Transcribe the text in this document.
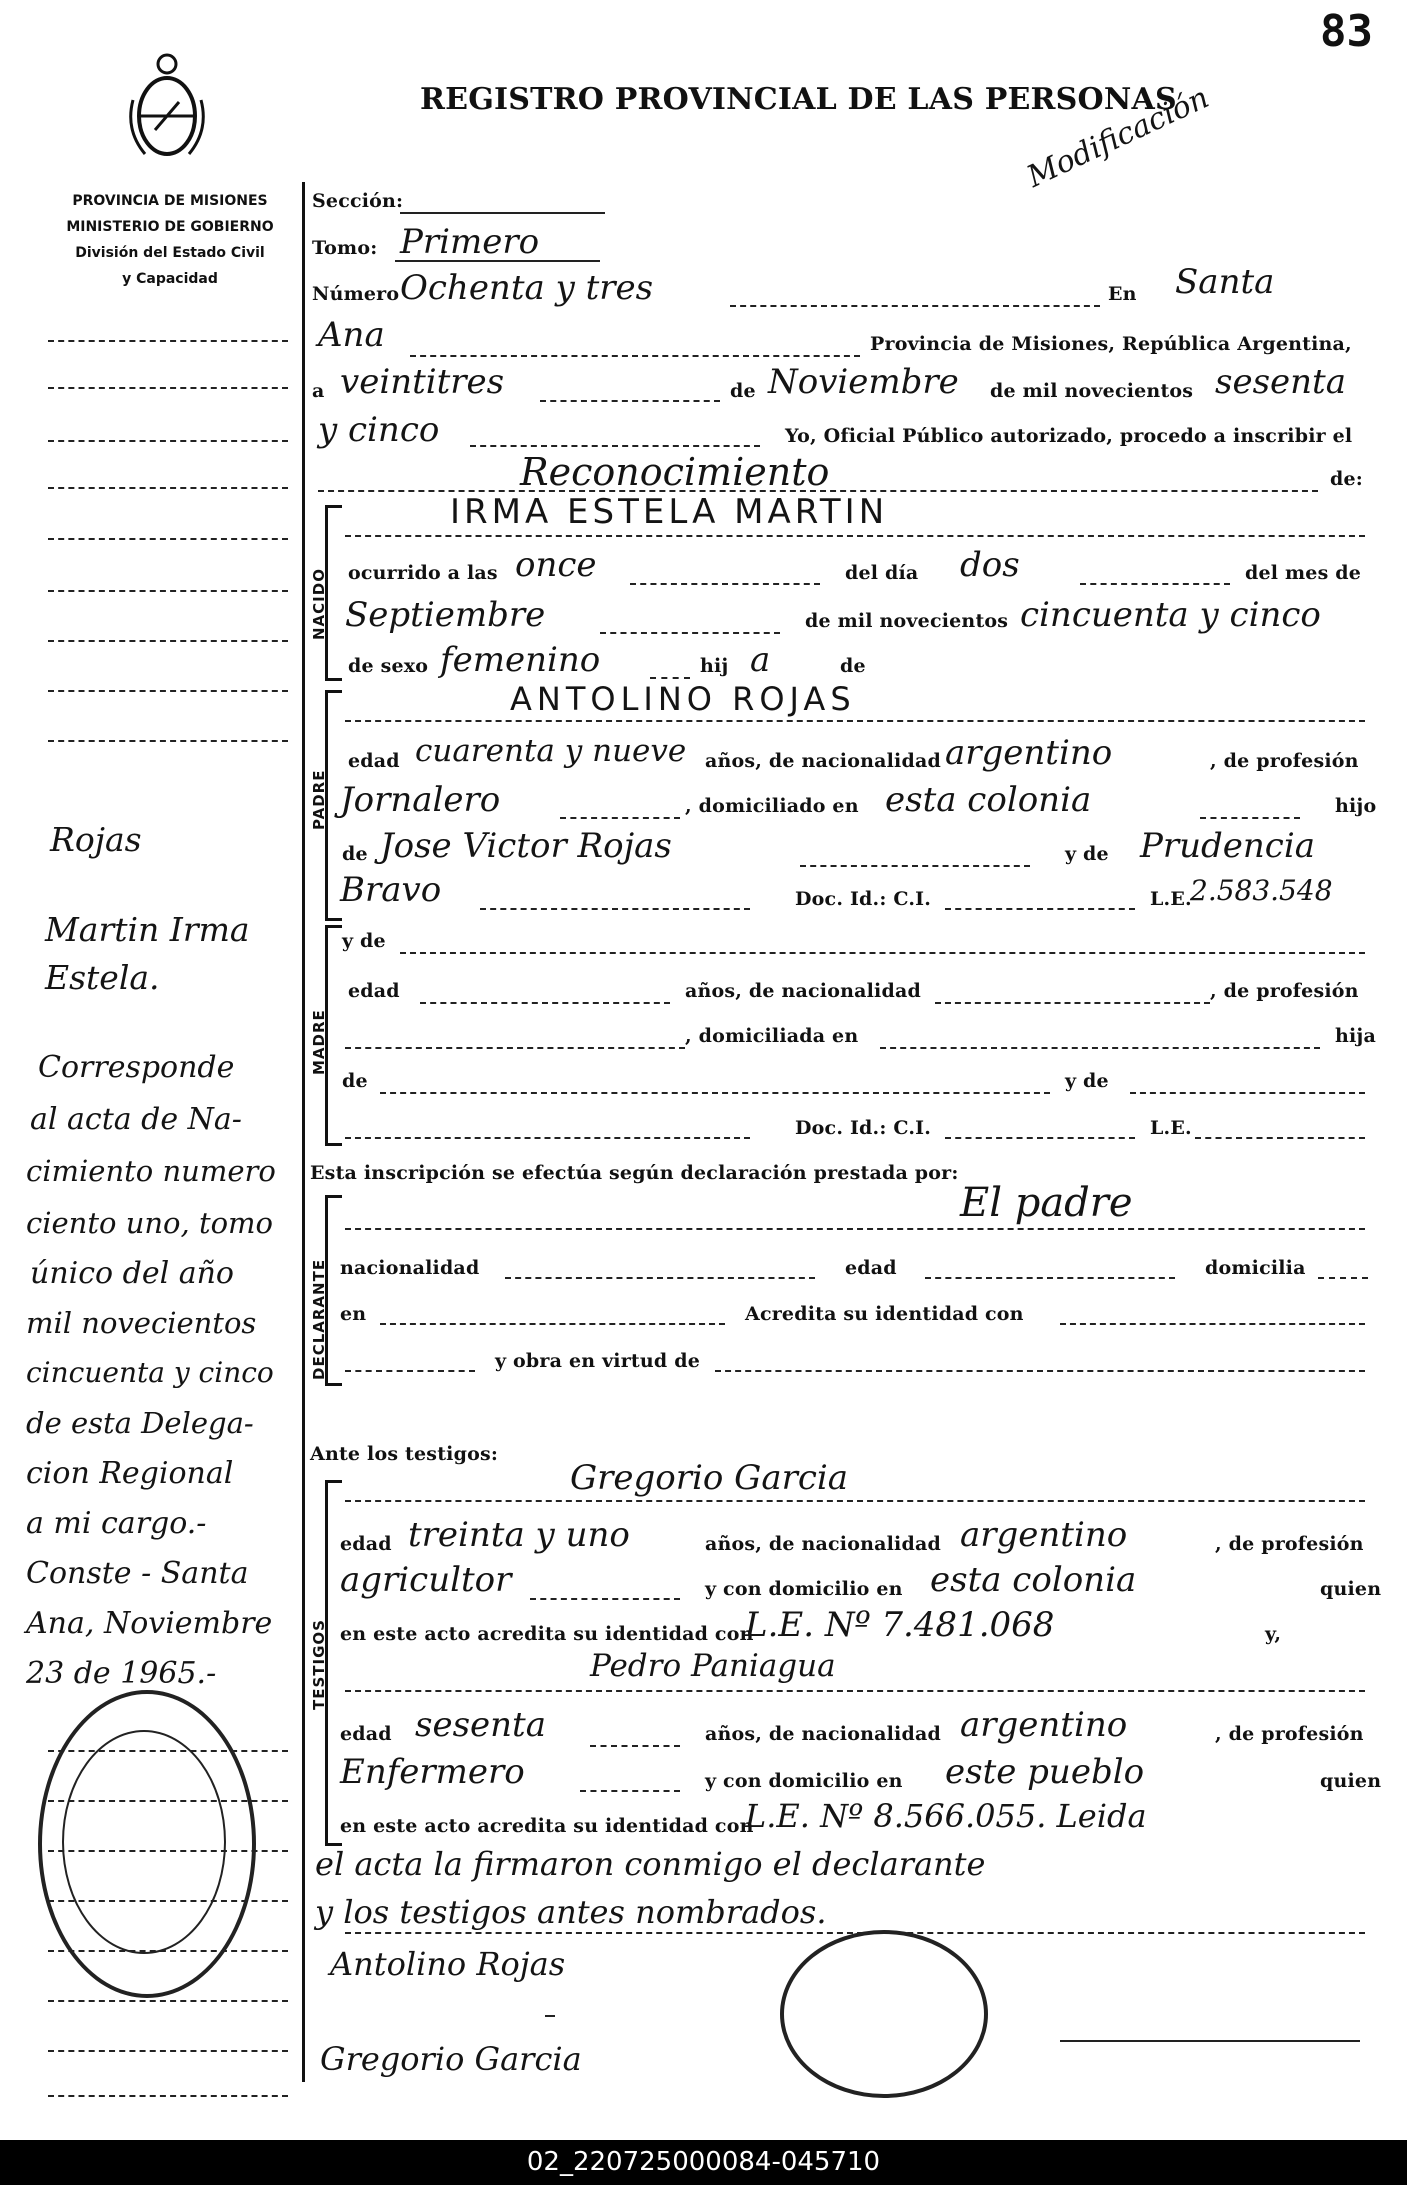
83
REGISTRO PROVINCIAL DE LAS PERSONAS
Modificación
PROVINCIA DE MISIONES
MINISTERIO DE GOBIERNO
División del Estado Civil
y Capacidad
Rojas
Martin Irma
Estela.
Corresponde
al acta de Na-
cimiento numero
ciento uno, tomo
único del año
mil novecientos
cincuenta y cinco
de esta Delega-
cion Regional
a mi cargo.-
Conste - Santa
Ana, Noviembre
23 de 1965.-
Sección:
Tomo: Primero
Número Ochenta y tres	En Santa
Ana	Provincia de Misiones, República Argentina,
a veintitres	de Noviembre de mil novecientos sesenta
y cinco	Yo, Oficial Público autorizado, procedo a inscribir el
Reconocimiento	de:
NACIDO
IRMA ESTELA MARTIN
ocurrido a las once	del día dos	del mes de
Septiembre	de mil novecientos cincuenta y cinco
de sexo femenino	hij a	de
PADRE
ANTOLINO ROJAS
edad cuarenta y nueve años, de nacionalidad argentino	, de profesión
Jornalero	, domiciliado en esta colonia	hijo
de Jose Victor Rojas	y de Prudencia
Bravo	Doc. Id.: C.I.	L.E.
2.583.548
MADRE
y de
edad	años, de nacionalidad	, de profesión
, domiciliada en	hija
de	y de
Doc. Id.: C.I.	L.E.
Esta inscripción se efectúa según declaración prestada por:
DECLARANTE
El padre
nacionalidad	edad	domicilia
en	Acredita su identidad con
y obra en virtud de
Ante los testigos:
TESTIGOS
Gregorio Garcia
edad treinta y uno	años, de nacionalidad argentino	, de profesión
agricultor	y con domicilio en esta colonia	quien
en este acto acredita su identidad con
L.E. Nº 7.481.068	y,
Pedro Paniagua
edad sesenta	años, de nacionalidad argentino	, de profesión
Enfermero	y con domicilio en este pueblo	quien
en este acto acredita su identidad con
L.E. Nº 8.566.055. Leida
el acta la firmaron conmigo el declarante
y los testigos antes nombrados.
Antolino Rojas
Gregorio Garcia
02_220725000084-045710
